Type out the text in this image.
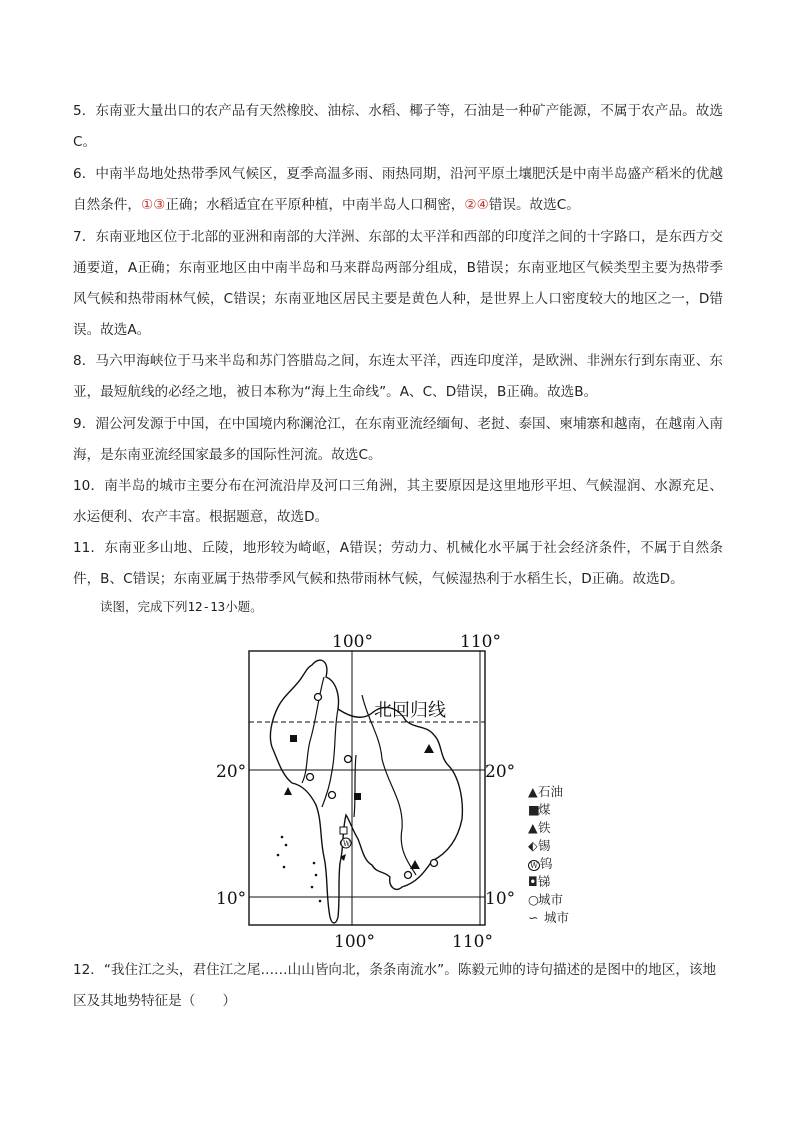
5．东南亚大量出口的农产品有天然橡胶、油棕、水稻、椰子等，石油是一种矿产能源，不属于农产品。故选C。

6．中南半岛地处热带季风气候区，夏季高温多雨、雨热同期，沿河平原土壤肥沃是中南半岛盛产稻米的优越自然条件，①③正确；水稻适宜在平原种植，中南半岛人口稠密，②④错误。故选C。

7．东南亚地区位于北部的亚洲和南部的大洋洲、东部的太平洋和西部的印度洋之间的十字路口，是东西方交通要道，A正确；东南亚地区由中南半岛和马来群岛两部分组成，B错误；东南亚地区气候类型主要为热带季风气候和热带雨林气候，C错误；东南亚地区居民主要是黄色人种，是世界上人口密度较大的地区之一，D错误。故选A。

8．马六甲海峡位于马来半岛和苏门答腊岛之间，东连太平洋，西连印度洋，是欧洲、非洲东行到东南亚、东亚，最短航线的必经之地，被日本称为“海上生命线”。A、C、D错误，B正确。故选B。

9．湄公河发源于中国，在中国境内称澜沧江，在东南亚流经缅甸、老挝、泰国、柬埔寨和越南，在越南入南海，是东南亚流经国家最多的国际性河流。故选C。

10．南半岛的城市主要分布在河流沿岸及河口三角洲，其主要原因是这里地形平坦、气候湿润、水源充足、水运便利、农产丰富。根据题意，故选D。

11．东南亚多山地、丘陵，地形较为崎岖，A错误；劳动力、机械化水平属于社会经济条件，不属于自然条件，B、C错误；东南亚属于热带季风气候和热带雨林气候，气候湿热利于水稻生长，D正确。故选D。

读图，完成下列12-13小题。

100°	110°
100°	110°
20°
10°
20°
10°
北回归线
W
▲石油
■煤
▲铁
⬖锡
W 钨
◘锑
○城市
∽ 城市

12．“我住江之头，君住江之尾……山山皆向北，条条南流水”。陈毅元帅的诗句描述的是图中的地区，该地区及其地势特征是（　　）
